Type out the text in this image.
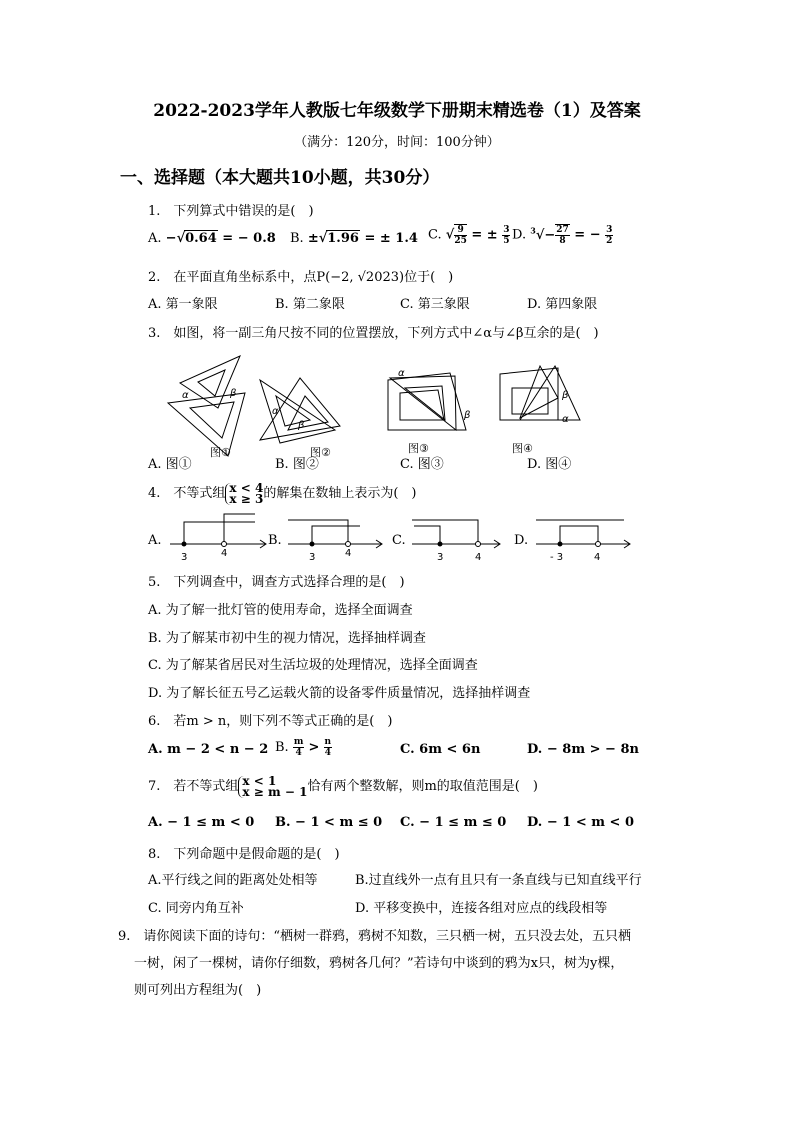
2022-2023学年人教版七年级数学下册期末精选卷（1）及答案
（满分：120分，时间：100分钟）
一、选择题（本大题共10小题，共30分）
1.　下列算式中错误的是(　)
A. −√0.64 = − 0.8 B. ±√1.96 = ± 1.4 C. √ $\frac{9}{25}$ = ± $\frac{3}{5} D$. $^3√- \frac{27}{8}$ = − $\frac{3}{2}$
2.　在平面直角坐标系中，点P(−2, √2023)位于(　)
A. 第一象限	B. 第二象限	C. 第三象限	D. 第四象限
3.　如图，将一副三角尺按不同的位置摆放，下列方式中∠α与∠β互余的是(　)
α	β
α
β
α
β	α
β
图①	图②	图③	图④
A. 图①	B. 图②	C. 图③	D. 图④
4.　不等式组 x < 4
x ≥ 3 的解集在数轴上表示为(　)
A.	B.	C.	D.
3	4	3	4	3	4	- 3	4
5.　下列调查中，调查方式选择合理的是(　)
A. 为了解一批灯管的使用寿命，选择全面调查
B. 为了解某市初中生的视力情况，选择抽样调查
C. 为了解某省居民对生活垃圾的处理情况，选择全面调查
D. 为了解长征五号乙运载火箭的设备零件质量情况，选择抽样调查
6.　若m > n，则下列不等式正确的是(　)
A. m − 2 < n − 2 B. $\frac{m}{4} > \frac{n}{4}$	C. 6m < 6n	D. − 8m > − 8n
7.　若不等式组 x < 1
x ≥ m − 1 恰有两个整数解，则m的取值范围是(　)
A. − 1 ≤ m < 0 B. − 1 < m ≤ 0 C. − 1 ≤ m ≤ 0 D. − 1 < m < 0
8.　下列命题中是假命题的是(　)
A.平行线之间的距离处处相等	B.过直线外一点有且只有一条直线与已知直线平行
C. 同旁内角互补	D. 平移变换中，连接各组对应点的线段相等
9.　请你阅读下面的诗句：“栖树一群鸦，鸦树不知数，三只栖一树，五只没去处，五只栖
一树，闲了一棵树，请你仔细数，鸦树各几何？”若诗句中谈到的鸦为x只，树为y棵，
则可列出方程组为(　)
